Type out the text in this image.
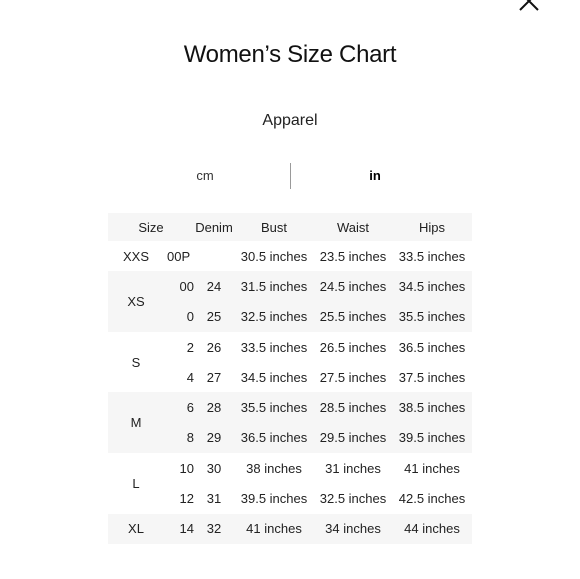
Women’s Size Chart
Apparel
cm	in
Size Denim			Bust	Waist	Hips
XXS	00P		30.5 inches	23.5 inches	33.5 inches
XS	00	24	31.5 inches	24.5 inches	34.5 inches
	0	25	32.5 inches	25.5 inches	35.5 inches
S	2	26	33.5 inches	26.5 inches	36.5 inches
	4	27	34.5 inches	27.5 inches	37.5 inches
M	6	28	35.5 inches	28.5 inches	38.5 inches
	8	29	36.5 inches	29.5 inches	39.5 inches
L	10	30	38 inches	31 inches	41 inches
	12	31	39.5 inches	32.5 inches	42.5 inches
XL	14	32	41 inches	34 inches	44 inches
